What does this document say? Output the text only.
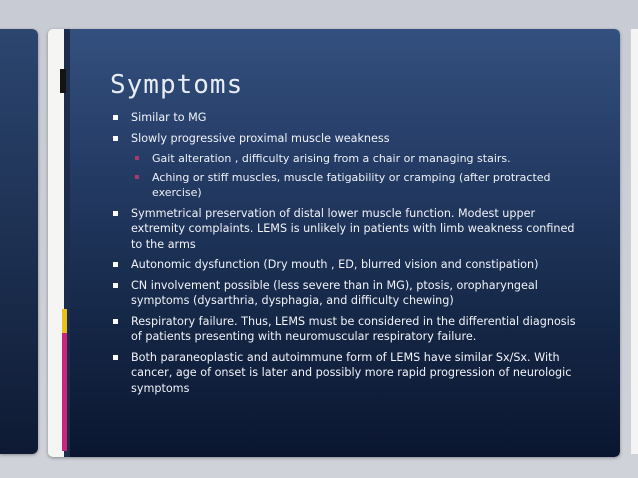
Symptoms
Similar to MG
Slowly progressive proximal muscle weakness
Gait alteration , difficulty arising from a chair or managing stairs.
Aching or stiff muscles, muscle fatigability or cramping (after protracted exercise)
Symmetrical preservation of distal lower muscle function. Modest upper extremity complaints. LEMS is unlikely in patients with limb weakness confined to the arms
Autonomic dysfunction (Dry mouth , ED, blurred vision and constipation)
CN involvement possible (less severe than in MG), ptosis, oropharyngeal symptoms (dysarthria, dysphagia, and difficulty chewing)
Respiratory failure. Thus, LEMS must be considered in the differential diagnosis of patients presenting with neuromuscular respiratory failure.
Both paraneoplastic and autoimmune form of LEMS have similar Sx/Sx. With cancer, age of onset is later and possibly more rapid progression of neurologic symptoms
